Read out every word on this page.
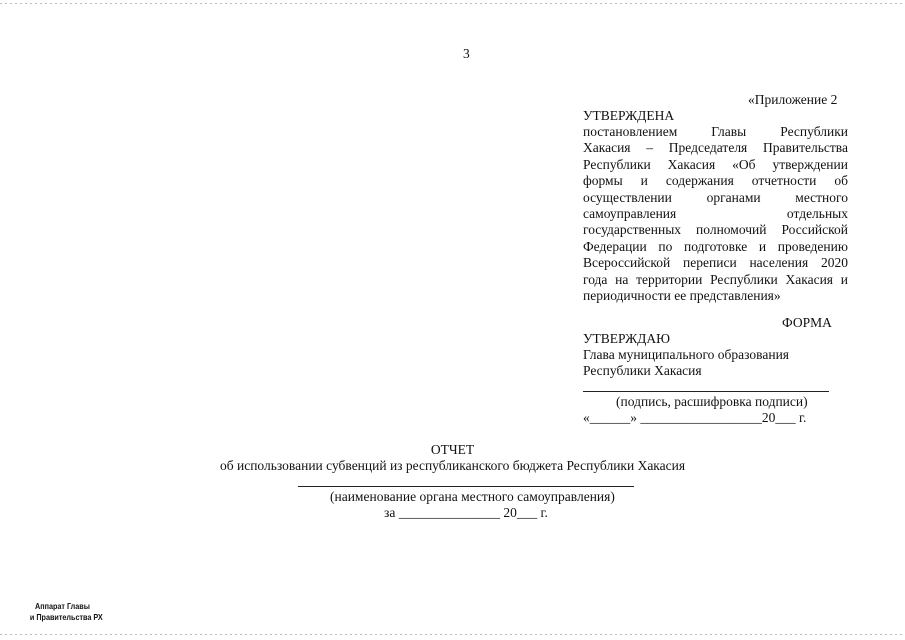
3
«Приложение 2
УТВЕРЖДЕНА
постановлением	Главы	Республики
Хакасия – Председателя Правительства
Республики Хакасия «Об утверждении
формы и содержания отчетности об
осуществлении	органами	местного
самоуправления	отдельных
государственных полномочий Российской
Федерации по подготовке и проведению
Всероссийской переписи населения 2020
года на территории Республики Хакасия и
периодичности ее представления»
ФОРМА
УТВЕРЖДАЮ
Глава муниципального образования
Республики Хакасия
(подпись, расшифровка подписи)
«______» __________________20___ г.
ОТЧЕТ
об использовании субвенций из республиканского бюджета Республики Хакасия
(наименование органа местного самоуправления)
за _______________ 20___ г.
Аппарат Главы
и Правительства РХ
